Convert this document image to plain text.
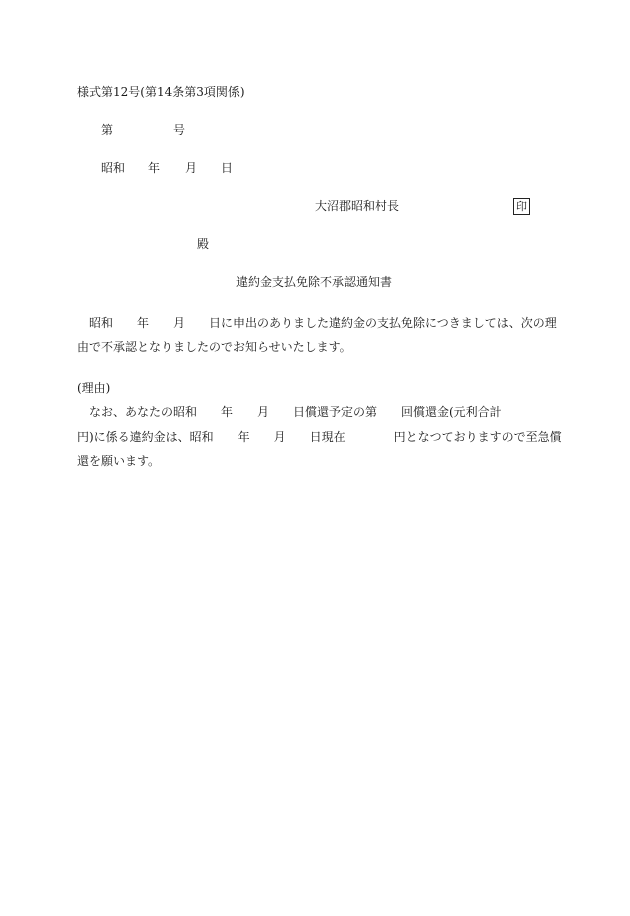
様式第12号(第14条第3項関係)
第	号
昭和 年 月 日
大沼郡昭和村長	印
殿
違約金支払免除不承認通知書
昭和　　年　　月　　日に申出のありました違約金の支払免除につきましては、次の理
由で不承認となりましたのでお知らせいたします。
(理由)
なお、あなたの昭和　　年　　月　　日償還予定の第　　回償還金(元利合計
円)に係る違約金は、昭和　　年　　月　　日現在　　　　円となつておりますので至急償
還を願います。
